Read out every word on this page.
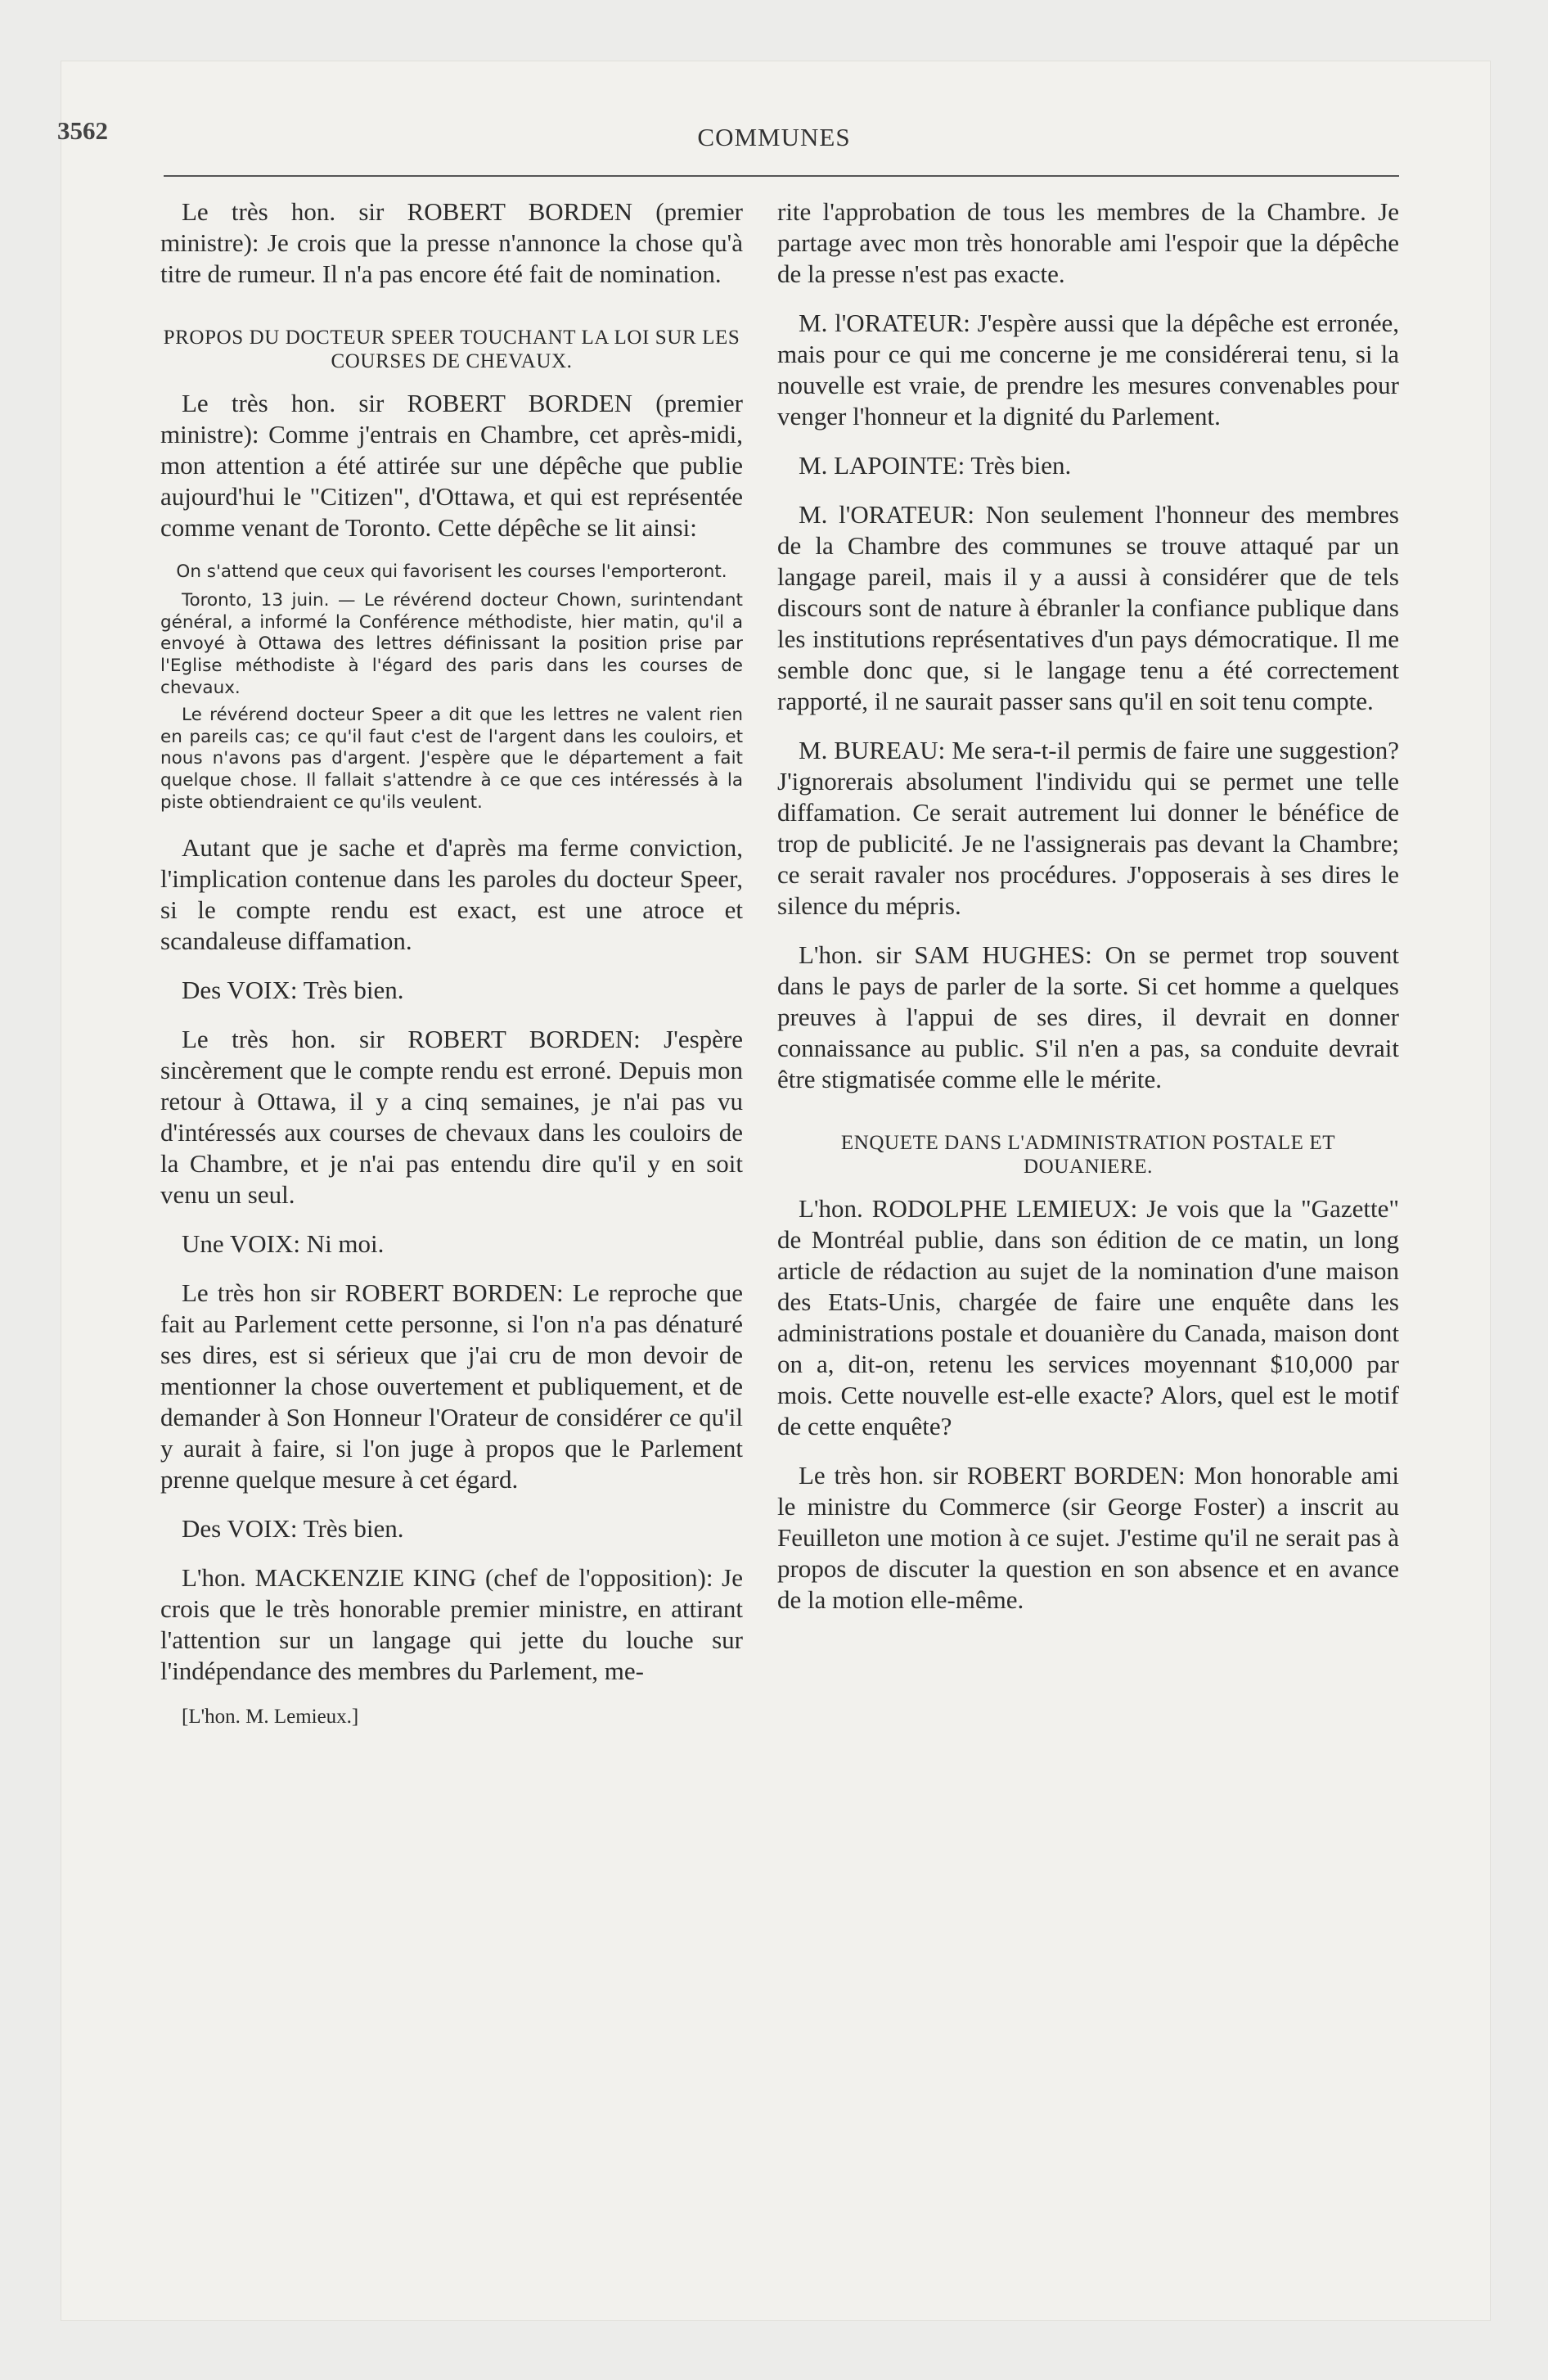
3562	COMMUNES

Le très hon. sir ROBERT BORDEN (premier ministre): Je crois que la presse n'annonce la chose qu'à titre de rumeur. Il n'a pas encore été fait de nomination.

PROPOS DU DOCTEUR SPEER TOUCHANT LA LOI SUR LES COURSES DE CHEVAUX.

Le très hon. sir ROBERT BORDEN (premier ministre): Comme j'entrais en Chambre, cet après-midi, mon attention a été attirée sur une dépêche que publie aujourd'hui le "Citizen", d'Ottawa, et qui est représentée comme venant de Toronto. Cette dépêche se lit ainsi:

On s'attend que ceux qui favorisent les courses l'emporteront.

Toronto, 13 juin. — Le révérend docteur Chown, surintendant général, a informé la Conférence méthodiste, hier matin, qu'il a envoyé à Ottawa des lettres définissant la position prise par l'Eglise méthodiste à l'égard des paris dans les courses de chevaux.

Le révérend docteur Speer a dit que les lettres ne valent rien en pareils cas; ce qu'il faut c'est de l'argent dans les couloirs, et nous n'avons pas d'argent. J'espère que le département a fait quelque chose. Il fallait s'attendre à ce que ces intéressés à la piste obtiendraient ce qu'ils veulent.

Autant que je sache et d'après ma ferme conviction, l'implication contenue dans les paroles du docteur Speer, si le compte rendu est exact, est une atroce et scandaleuse diffamation.

Des VOIX: Très bien.

Le très hon. sir ROBERT BORDEN: J'espère sincèrement que le compte rendu est erroné. Depuis mon retour à Ottawa, il y a cinq semaines, je n'ai pas vu d'intéressés aux courses de chevaux dans les couloirs de la Chambre, et je n'ai pas entendu dire qu'il y en soit venu un seul.

Une VOIX: Ni moi.

Le très hon sir ROBERT BORDEN: Le reproche que fait au Parlement cette personne, si l'on n'a pas dénaturé ses dires, est si sérieux que j'ai cru de mon devoir de mentionner la chose ouvertement et publiquement, et de demander à Son Honneur l'Orateur de considérer ce qu'il y aurait à faire, si l'on juge à propos que le Parlement prenne quelque mesure à cet égard.

Des VOIX: Très bien.

L'hon. MACKENZIE KING (chef de l'opposition): Je crois que le très honorable premier ministre, en attirant l'attention sur un langage qui jette du louche sur l'indépendance des membres du Parlement, me-

[L'hon. M. Lemieux.]

rite l'approbation de tous les membres de la Chambre. Je partage avec mon très honorable ami l'espoir que la dépêche de la presse n'est pas exacte.

M. l'ORATEUR: J'espère aussi que la dépêche est erronée, mais pour ce qui me concerne je me considérerai tenu, si la nouvelle est vraie, de prendre les mesures convenables pour venger l'honneur et la dignité du Parlement.

M. LAPOINTE: Très bien.

M. l'ORATEUR: Non seulement l'honneur des membres de la Chambre des communes se trouve attaqué par un langage pareil, mais il y a aussi à considérer que de tels discours sont de nature à ébranler la confiance publique dans les institutions représentatives d'un pays démocratique. Il me semble donc que, si le langage tenu a été correctement rapporté, il ne saurait passer sans qu'il en soit tenu compte.

M. BUREAU: Me sera-t-il permis de faire une suggestion? J'ignorerais absolument l'individu qui se permet une telle diffamation. Ce serait autrement lui donner le bénéfice de trop de publicité. Je ne l'assignerais pas devant la Chambre; ce serait ravaler nos procédures. J'opposerais à ses dires le silence du mépris.

L'hon. sir SAM HUGHES: On se permet trop souvent dans le pays de parler de la sorte. Si cet homme a quelques preuves à l'appui de ses dires, il devrait en donner connaissance au public. S'il n'en a pas, sa conduite devrait être stigmatisée comme elle le mérite.

ENQUETE DANS L'ADMINISTRATION POSTALE ET DOUANIERE.

L'hon. RODOLPHE LEMIEUX: Je vois que la "Gazette" de Montréal publie, dans son édition de ce matin, un long article de rédaction au sujet de la nomination d'une maison des Etats-Unis, chargée de faire une enquête dans les administrations postale et douanière du Canada, maison dont on a, dit-on, retenu les services moyennant $10,000 par mois. Cette nouvelle est-elle exacte? Alors, quel est le motif de cette enquête?

Le très hon. sir ROBERT BORDEN: Mon honorable ami le ministre du Commerce (sir George Foster) a inscrit au Feuilleton une motion à ce sujet. J'estime qu'il ne serait pas à propos de discuter la question en son absence et en avance de la motion elle-même.
